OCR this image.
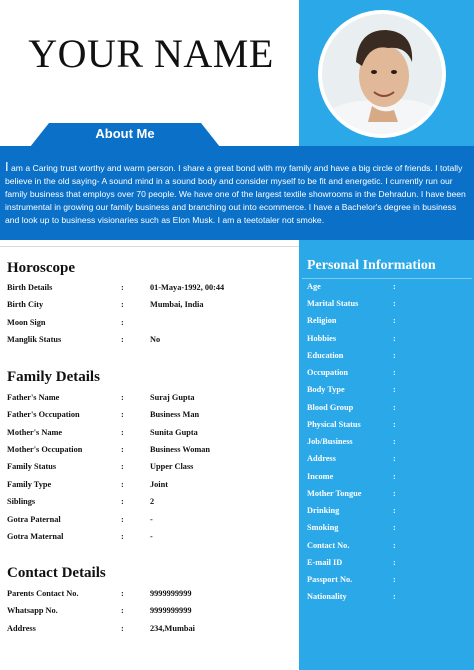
YOUR NAME
About Me
I am a Caring trust worthy and warm person. I share a great bond with my family and have a big circle of friends. I totally believe in the old saying- A sound mind in a sound body and consider myself to be fit and energetic. I currently run our family business that employs over 70 people. We have one of the largest textile showrooms in the Dehradun. I have been instrumental in growing our family business and branching out into ecommerce. I have a Bachelor's degree in business and look up to business visionaries such as Elon Musk. I am a teetotaler not smoke.
Horoscope
Birth Details	:	01-Maya-1992, 00:44
Birth City	:	Mumbai, India
Moon Sign	:
Manglik Status	:	No
Family Details
Father's Name	:	Suraj Gupta
Father's Occupation	:	Business Man
Mother's Name	:	Sunita Gupta
Mother's Occupation	:	Business Woman
Family Status	:	Upper Class
Family Type	:	Joint
Siblings	:	2
Gotra Paternal	:	-
Gotra Maternal	:	-
Contact Details
Parents Contact No.	:	9999999999
Whatsapp No.	:	9999999999
Address	:	234,Mumbai
Personal Information
Age	:
Marital Status	:
Religion	:
Hobbies	:
Education	:
Occupation	:
Body Type	:
Blood Group	:
Physical Status	:
Job/Business	:
Address	:
Income	:
Mother Tongue	:
Drinking	:
Smoking	:
Contact No.	:
E-mail ID	:
Passport No.	:
Nationality	:
